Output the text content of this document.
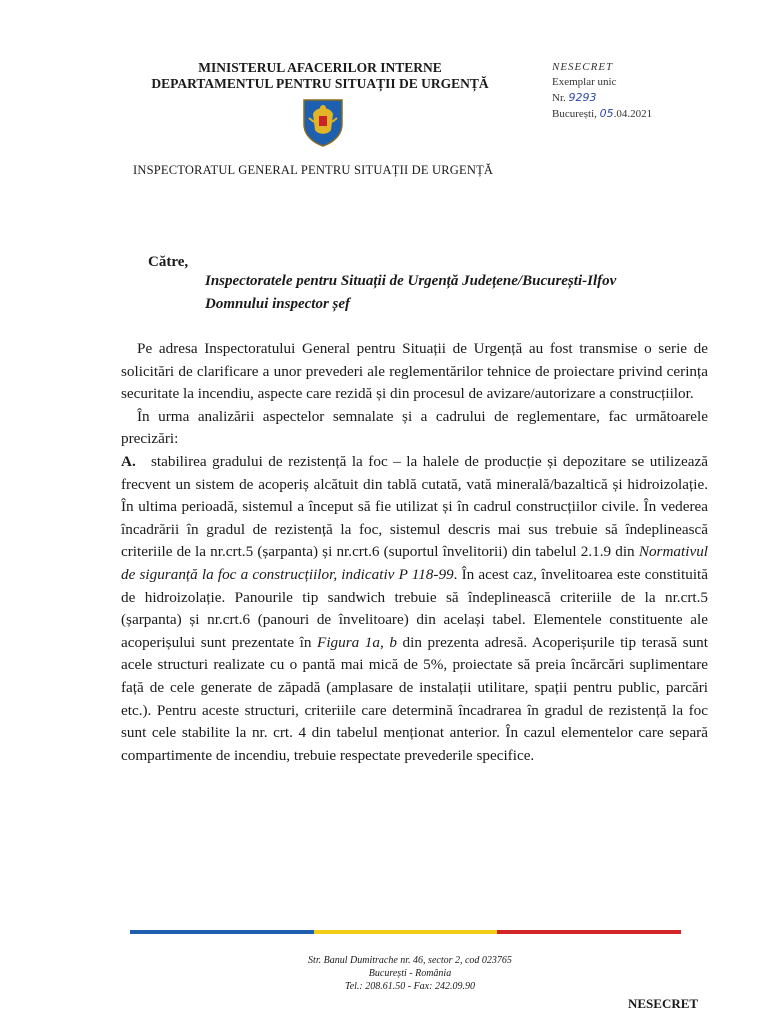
MINISTERUL AFACERILOR INTERNE
DEPARTAMENTUL PENTRU SITUAȚII DE URGENȚĂ
NESECRET
Exemplar unic
Nr. 9293
București, 05.04.2021
INSPECTORATUL GENERAL PENTRU SITUAȚII DE URGENȚĂ
Către,
Inspectoratele pentru Situații de Urgență Județene/București-Ilfov
Domnului inspector șef

Pe adresa Inspectoratului General pentru Situații de Urgență au fost transmise o serie de solicitări de clarificare a unor prevederi ale reglementărilor tehnice de proiectare privind cerința securitate la incendiu, aspecte care rezidă și din procesul de avizare/autorizare a construcțiilor.

În urma analizării aspectelor semnalate și a cadrului de reglementare, fac următoarele precizări:

A. stabilirea gradului de rezistență la foc – la halele de producție și depozitare se utilizează frecvent un sistem de acoperiș alcătuit din tablă cutată, vată minerală/bazaltică și hidroizolație. În ultima perioadă, sistemul a început să fie utilizat și în cadrul construcțiilor civile. În vederea încadrării în gradul de rezistență la foc, sistemul descris mai sus trebuie să îndeplinească criteriile de la nr.crt.5 (șarpanta) și nr.crt.6 (suportul învelitorii) din tabelul 2.1.9 din Normativul de siguranță la foc a construcțiilor, indicativ P 118-99. În acest caz, învelitoarea este constituită de hidroizolație. Panourile tip sandwich trebuie să îndeplinească criteriile de la nr.crt.5 (șarpanta) și nr.crt.6 (panouri de învelitoare) din același tabel. Elementele constituente ale acoperișului sunt prezentate în Figura 1a, b din prezenta adresă. Acoperișurile tip terasă sunt acele structuri realizate cu o pantă mai mică de 5%, proiectate să preia încărcări suplimentare față de cele generate de zăpadă (amplasare de instalații utilitare, spații pentru public, parcări etc.). Pentru aceste structuri, criteriile care determină încadrarea în gradul de rezistență la foc sunt cele stabilite la nr. crt. 4 din tabelul menționat anterior. În cazul elementelor care separă compartimente de incendiu, trebuie respectate prevederile specifice.

Str. Banul Dumitrache nr. 46, sector 2, cod 023765
București - România
Tel.: 208.61.50 - Fax: 242.09.90
NESECRET
